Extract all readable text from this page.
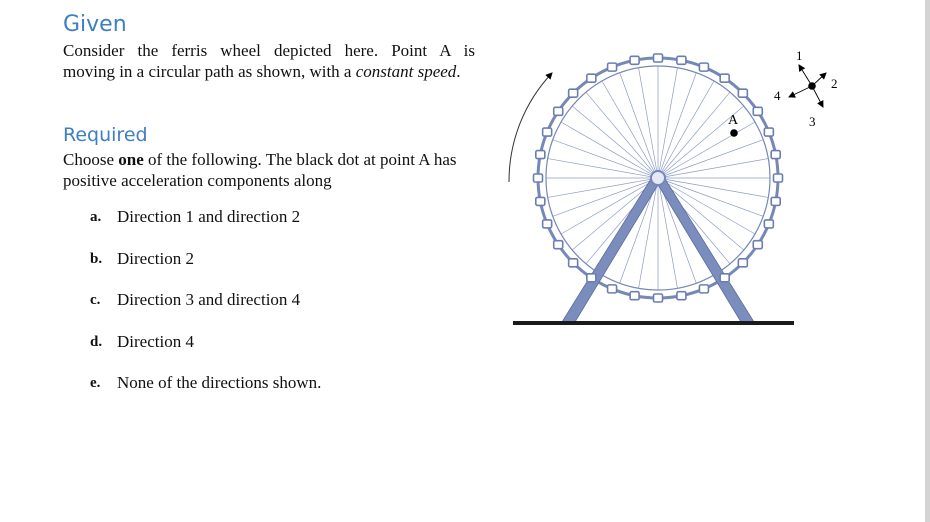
Given
Consider the ferris wheel depicted here. Point A is
moving in a circular path as shown, with a constant speed.
Required
Choose one of the following. The black dot at point A has
positive acceleration components along
a. Direction 1 and direction 2
b. Direction 2
c. Direction 3 and direction 4
d. Direction 4
e. None of the directions shown.
A
1
2
3
4
